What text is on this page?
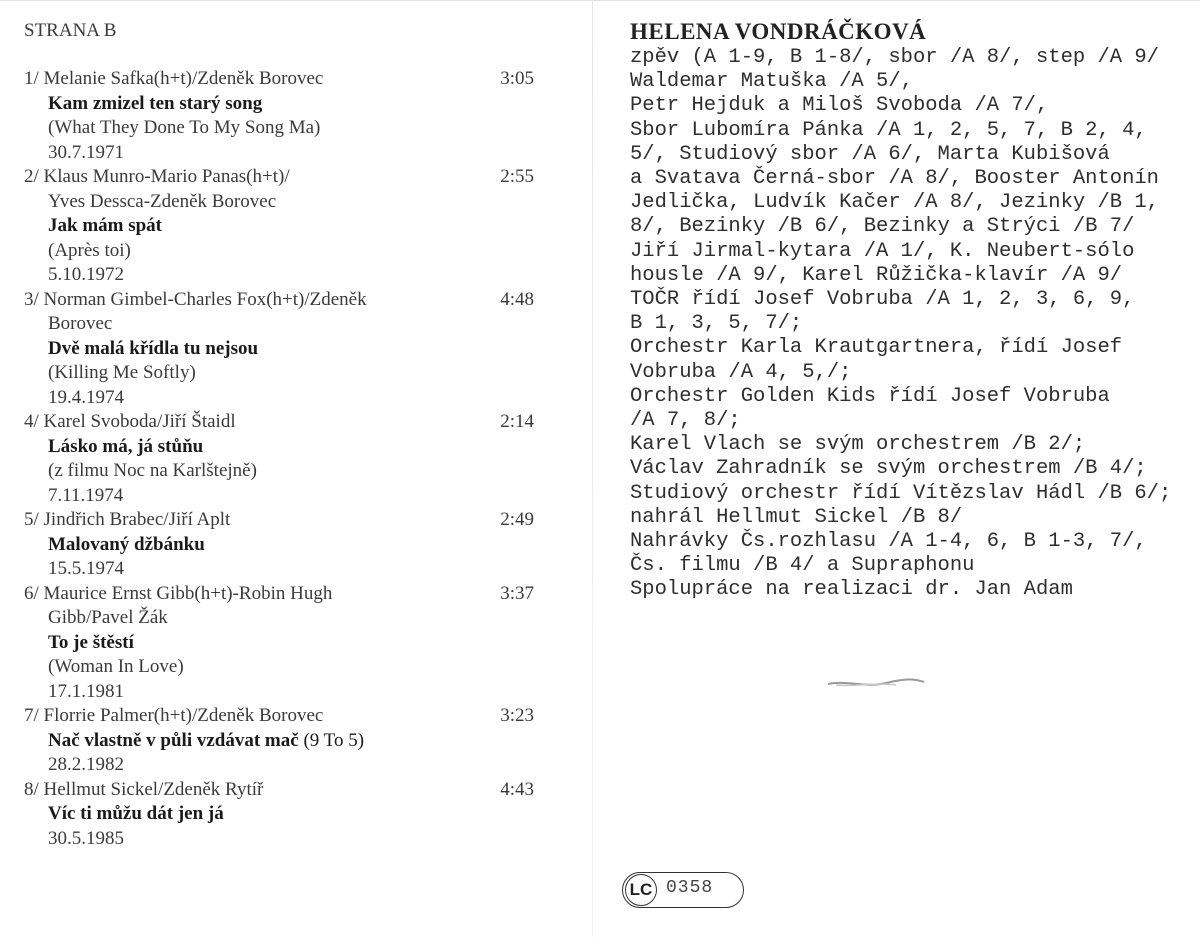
STRANA B
1/ Melanie Safka(h+t)/Zdeněk Borovec	3:05
Kam zmizel ten starý song
(What They Done To My Song Ma)
30.7.1971
2/ Klaus Munro-Mario Panas(h+t)/	2:55
Yves Dessca-Zdeněk Borovec
Jak mám spát
(Après toi)
5.10.1972
3/ Norman Gimbel-Charles Fox(h+t)/Zdeněk	4:48
Borovec
Dvě malá křídla tu nejsou
(Killing Me Softly)
19.4.1974
4/ Karel Svoboda/Jiří Štaidl	2:14
Lásko má, já stůňu
(z filmu Noc na Karlštejně)
7.11.1974
5/ Jindřich Brabec/Jiří Aplt	2:49
Malovaný džbánku
15.5.1974
6/ Maurice Ernst Gibb(h+t)-Robin Hugh	3:37
Gibb/Pavel Žák
To je štěstí
(Woman In Love)
17.1.1981
7/ Florrie Palmer(h+t)/Zdeněk Borovec	3:23
Nač vlastně v půli vzdávat mač (9 To 5)
28.2.1982
8/ Hellmut Sickel/Zdeněk Rytíř	4:43
Víc ti můžu dát jen já
30.5.1985
HELENA VONDRÁČKOVÁ
zpěv (A 1-9, B 1-8/, sbor /A 8/, step /A 9/
Waldemar Matuška /A 5/,
Petr Hejduk a Miloš Svoboda /A 7/,
Sbor Lubomíra Pánka /A 1, 2, 5, 7, B 2, 4,
5/, Studiový sbor /A 6/, Marta Kubišová
a Svatava Černá-sbor /A 8/, Booster Antonín
Jedlička, Ludvík Kačer /A 8/, Jezinky /B 1,
8/, Bezinky /B 6/, Bezinky a Strýci /B 7/
Jiří Jirmal-kytara /A 1/, K. Neubert-sólo
housle /A 9/, Karel Růžička-klavír /A 9/
TOČR řídí Josef Vobruba /A 1, 2, 3, 6, 9,
B 1, 3, 5, 7/;
Orchestr Karla Krautgartnera, řídí Josef
Vobruba /A 4, 5,/;
Orchestr Golden Kids řídí Josef Vobruba
/A 7, 8/;
Karel Vlach se svým orchestrem /B 2/;
Václav Zahradník se svým orchestrem /B 4/;
Studiový orchestr řídí Vítězslav Hádl /B 6/;
nahrál Hellmut Sickel /B 8/
Nahrávky Čs.rozhlasu /A 1-4, 6, B 1-3, 7/,
Čs. filmu /B 4/ a Supraphonu
Spolupráce na realizaci dr. Jan Adam
LC 0358
